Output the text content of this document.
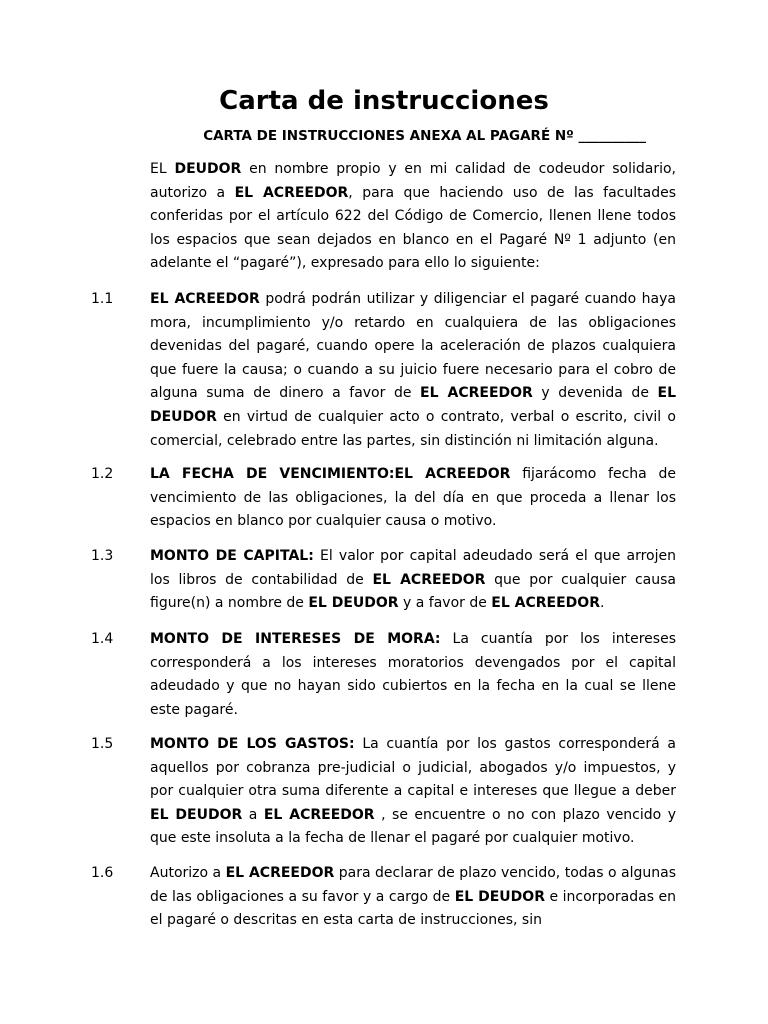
Carta de instrucciones

CARTA DE INSTRUCCIONES ANEXA AL PAGARÉ Nº __________

EL DEUDOR en nombre propio y en mi calidad de codeudor solidario, autorizo a EL ACREEDOR, para que haciendo uso de las facultades conferidas por el artículo 622 del Código de Comercio, llenen llene todos los espacios que sean dejados en blanco en el Pagaré Nº 1 adjunto (en adelante el “pagaré”), expresado para ello lo siguiente:

1.1	EL ACREEDOR podrá podrán utilizar y diligenciar el pagaré cuando haya mora, incumplimiento y/o retardo en cualquiera de las obligaciones devenidas del pagaré, cuando opere la aceleración de plazos cualquiera que fuere la causa; o cuando a su juicio fuere necesario para el cobro de alguna suma de dinero a favor de EL ACREEDOR y devenida de EL DEUDOR en virtud de cualquier acto o contrato, verbal o escrito, civil o comercial, celebrado entre las partes, sin distinción ni limitación alguna.

1.2	LA FECHA DE VENCIMIENTO:EL ACREEDOR fijarácomo fecha de vencimiento de las obligaciones, la del día en que proceda a llenar los espacios en blanco por cualquier causa o motivo.

1.3	MONTO DE CAPITAL: El valor por capital adeudado será el que arrojen los libros de contabilidad de EL ACREEDOR que por cualquier causa figure(n) a nombre de EL DEUDOR y a favor de EL ACREEDOR.

1.4	MONTO DE INTERESES DE MORA: La cuantía por los intereses corresponderá a los intereses moratorios devengados por el capital adeudado y que no hayan sido cubiertos en la fecha en la cual se llene este pagaré.

1.5	MONTO DE LOS GASTOS: La cuantía por los gastos corresponderá a aquellos por cobranza pre-judicial o judicial, abogados y/o impuestos, y por cualquier otra suma diferente a capital e intereses que llegue a deber EL DEUDOR a EL ACREEDOR , se encuentre o no con plazo vencido y que este insoluta a la fecha de llenar el pagaré por cualquier motivo.

1.6	Autorizo a EL ACREEDOR para declarar de plazo vencido, todas o algunas de las obligaciones a su favor y a cargo de EL DEUDOR e incorporadas en el pagaré o descritas en esta carta de instrucciones, sin
